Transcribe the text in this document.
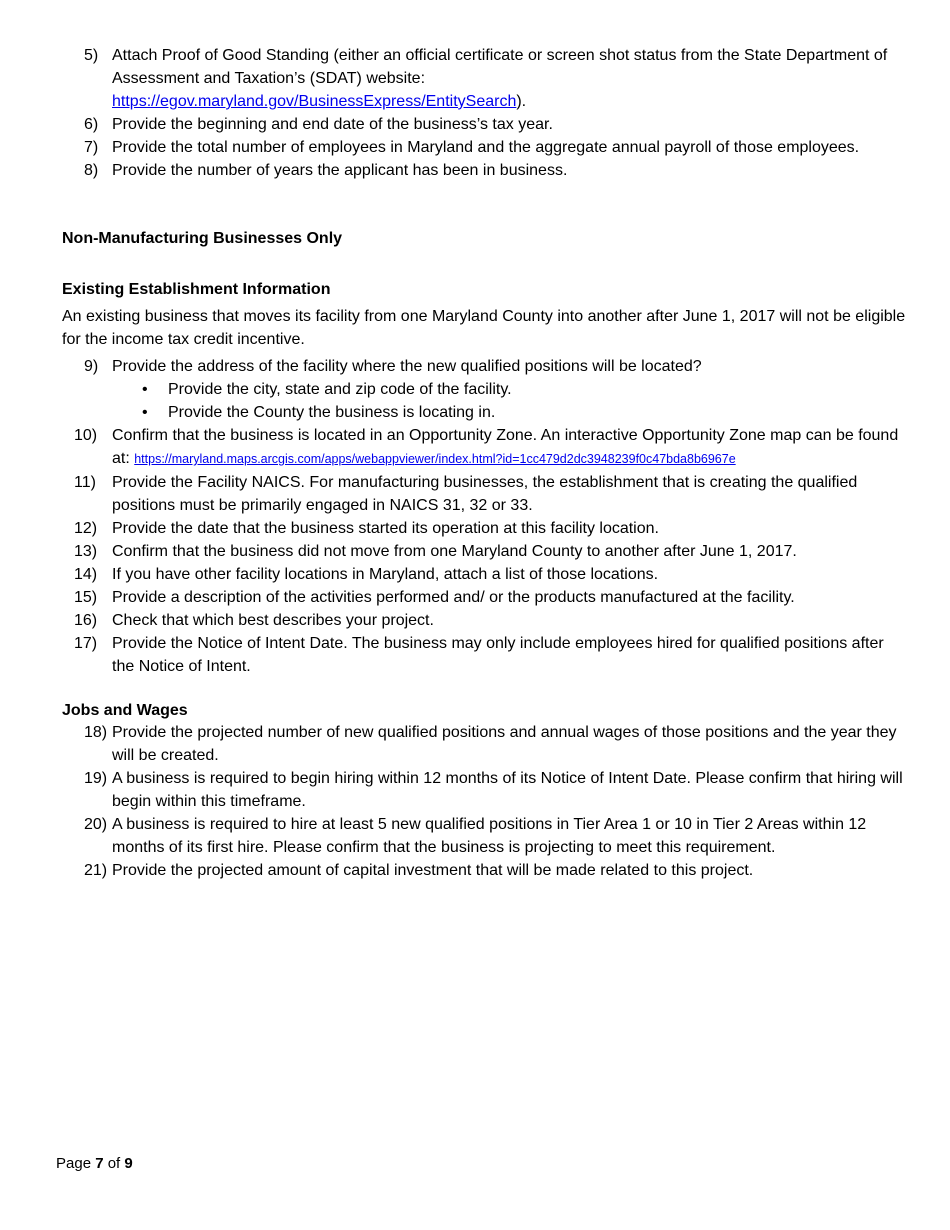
5) Attach Proof of Good Standing (either an official certificate or screen shot status from the State Department of Assessment and Taxation’s (SDAT) website:
https://egov.maryland.gov/BusinessExpress/EntitySearch).
6) Provide the beginning and end date of the business’s tax year.
7) Provide the total number of employees in Maryland and the aggregate annual payroll of those employees.
8) Provide the number of years the applicant has been in business.
Non-Manufacturing Businesses Only
Existing Establishment Information
An existing business that moves its facility from one Maryland County into another after June 1, 2017 will not be eligible for the income tax credit incentive.
9) Provide the address of the facility where the new qualified positions will be located?
• Provide the city, state and zip code of the facility.
• Provide the County the business is locating in.
10) Confirm that the business is located in an Opportunity Zone. An interactive Opportunity Zone map can be found at: https://maryland.maps.arcgis.com/apps/webappviewer/index.html?id=1cc479d2dc3948239f0c47bda8b6967e
11) Provide the Facility NAICS. For manufacturing businesses, the establishment that is creating the qualified positions must be primarily engaged in NAICS 31, 32 or 33.
12) Provide the date that the business started its operation at this facility location.
13) Confirm that the business did not move from one Maryland County to another after June 1, 2017.
14) If you have other facility locations in Maryland, attach a list of those locations.
15) Provide a description of the activities performed and/ or the products manufactured at the facility.
16) Check that which best describes your project.
17) Provide the Notice of Intent Date. The business may only include employees hired for qualified positions after the Notice of Intent.
Jobs and Wages
18) Provide the projected number of new qualified positions and annual wages of those positions and the year they will be created.
19) A business is required to begin hiring within 12 months of its Notice of Intent Date. Please confirm that hiring will begin within this timeframe.
20) A business is required to hire at least 5 new qualified positions in Tier Area 1 or 10 in Tier 2 Areas within 12 months of its first hire. Please confirm that the business is projecting to meet this requirement.
21) Provide the projected amount of capital investment that will be made related to this project.
Page 7 of 9
